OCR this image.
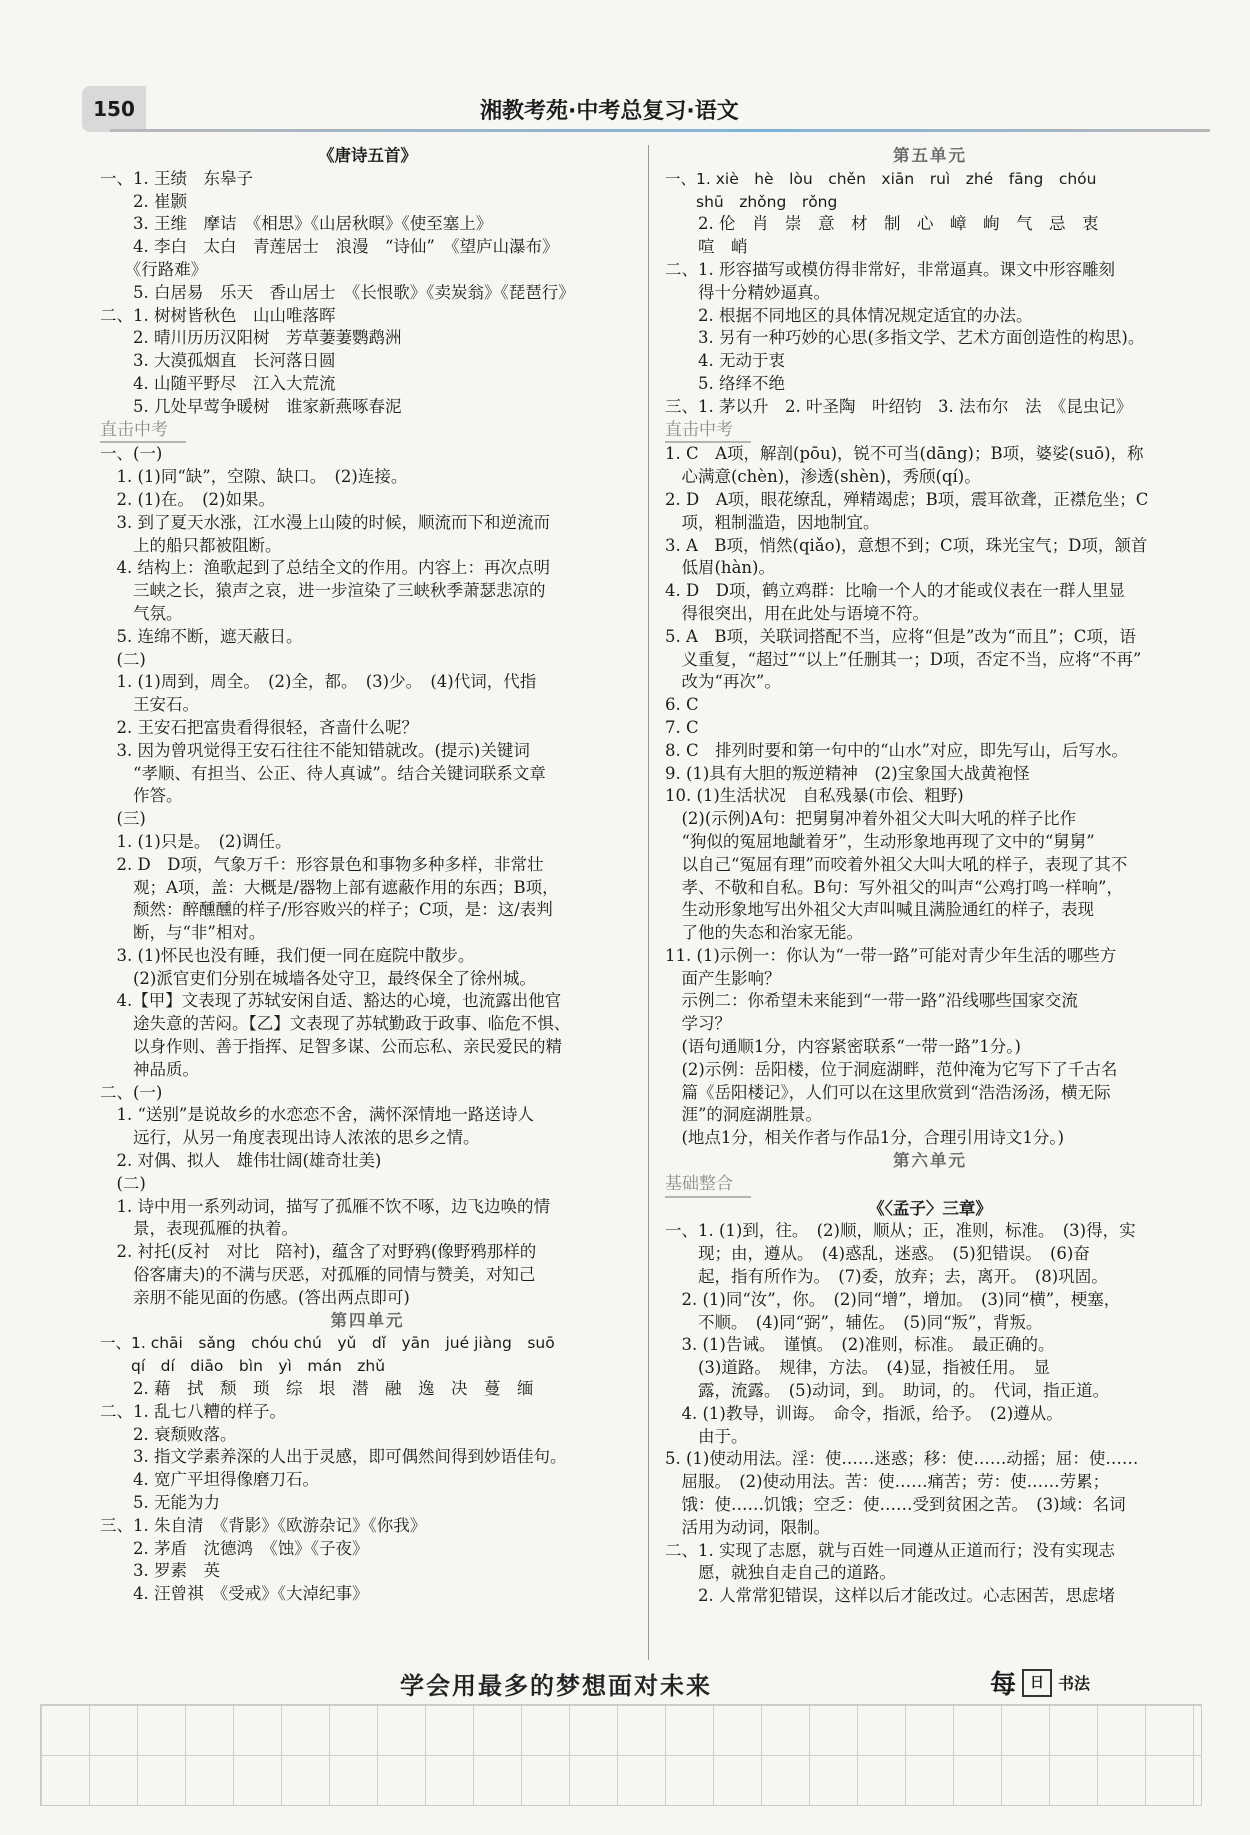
150	湘教考苑·中考总复习·语文
《唐诗五首》
一、1. 王绩　东皋子
　　2. 崔颢
　　3. 王维　摩诘　《相思》《山居秋暝》《使至塞上》
　　4. 李白　太白　青莲居士　浪漫　“诗仙”　《望庐山瀑布》
　　《行路难》
　　5. 白居易　乐天　香山居士　《长恨歌》《卖炭翁》《琵琶行》
二、1. 树树皆秋色　山山唯落晖
　　2. 晴川历历汉阳树　芳草萋萋鹦鹉洲
　　3. 大漠孤烟直　长河落日圆
　　4. 山随平野尽　江入大荒流
　　5. 几处早莺争暖树　谁家新燕啄春泥
直击中考
一、(一)
　1. (1)同“缺”，空隙、缺口。　(2)连接。
　2. (1)在。　(2)如果。
　3. 到了夏天水涨，江水漫上山陵的时候，顺流而下和逆流而
　　上的船只都被阻断。
　4. 结构上：渔歌起到了总结全文的作用。内容上：再次点明
　　三峡之长，猿声之哀，进一步渲染了三峡秋季萧瑟悲凉的
　　气氛。
　5. 连绵不断，遮天蔽日。
　(二)
　1. (1)周到，周全。　(2)全，都。　(3)少。　(4)代词，代指
　　王安石。
　2. 王安石把富贵看得很轻，吝啬什么呢？
　3. 因为曾巩觉得王安石往往不能知错就改。(提示)关键词
　　“孝顺、有担当、公正、待人真诚”。结合关键词联系文章
　　作答。
　(三)
　1. (1)只是。　(2)调任。
　2. D　D项，气象万千：形容景色和事物多种多样，非常壮
　　观；A项，盖：大概是/器物上部有遮蔽作用的东西；B项，
　　颓然：醉醺醺的样子/形容败兴的样子；C项，是：这/表判
　　断，与“非”相对。
　3. (1)怀民也没有睡，我们便一同在庭院中散步。
　　(2)派官吏们分别在城墙各处守卫，最终保全了徐州城。
　4.【甲】文表现了苏轼安闲自适、豁达的心境，也流露出他官
　　途失意的苦闷。【乙】文表现了苏轼勤政于政事、临危不惧、
　　以身作则、善于指挥、足智多谋、公而忘私、亲民爱民的精
　　神品质。
二、(一)
　1. “送别”是说故乡的水恋恋不舍，满怀深情地一路送诗人
　　远行，从另一角度表现出诗人浓浓的思乡之情。
　2. 对偶、拟人　雄伟壮阔(雄奇壮美)
　(二)
　1. 诗中用一系列动词，描写了孤雁不饮不啄，边飞边唤的情
　　景，表现孤雁的执着。
　2. 衬托(反衬　对比　陪衬)，蕴含了对野鸦(像野鸦那样的
　　俗客庸夫)的不满与厌恶，对孤雁的同情与赞美，对知己
　　亲朋不能见面的伤感。(答出两点即可)
第四单元
一、1. chāi　sǎng　chóu chú　yǔ　dǐ　yān　jué jiàng　suō
　　qí　dí　diāo　bìn　yì　mán　zhǔ
　　2. 藉　拭　颓　琐　综　垠　潜　融　逸　决　蔓　缅
二、1. 乱七八糟的样子。
　　2. 衰颓败落。
　　3. 指文学素养深的人出于灵感，即可偶然间得到妙语佳句。
　　4. 宽广平坦得像磨刀石。
　　5. 无能为力
三、1. 朱自清　《背影》《欧游杂记》《你我》
　　2. 茅盾　沈德鸿　《蚀》《子夜》
　　3. 罗素　英
　　4. 汪曾祺　《受戒》《大淖纪事》
第五单元
一、1. xiè　hè　lòu　chěn　xiān　ruì　zhé　fāng　chóu
　　shū　zhǒng　rǒng
　　2. 伦　肖　崇　意　材　制　心　嶂　峋　气　忌　衷
　　喧　峭
二、1. 形容描写或模仿得非常好，非常逼真。课文中形容雕刻
　　得十分精妙逼真。
　　2. 根据不同地区的具体情况规定适宜的办法。
　　3. 另有一种巧妙的心思(多指文学、艺术方面创造性的构思)。
　　4. 无动于衷
　　5. 络绎不绝
三、1. 茅以升　2. 叶圣陶　叶绍钧　3. 法布尔　法　《昆虫记》
直击中考
1. C　A项，解剖(pōu)，锐不可当(dāng)；B项，婆娑(suō)，称
　心满意(chèn)，渗透(shèn)，秀颀(qí)。
2. D　A项，眼花缭乱，殚精竭虑；B项，震耳欲聋，正襟危坐；C
　项，粗制滥造，因地制宜。
3. A　B项，悄然(qiǎo)，意想不到；C项，珠光宝气；D项，颔首
　低眉(hàn)。
4. D　D项，鹤立鸡群：比喻一个人的才能或仪表在一群人里显
　得很突出，用在此处与语境不符。
5. A　B项，关联词搭配不当，应将“但是”改为“而且”；C项，语
　义重复，“超过”“以上”任删其一；D项，否定不当，应将“不再”
　改为“再次”。
6. C
7. C
8. C　排列时要和第一句中的“山水”对应，即先写山，后写水。
9. (1)具有大胆的叛逆精神　(2)宝象国大战黄袍怪
10. (1)生活状况　自私残暴(市侩、粗野)
　(2)(示例)A句：把舅舅冲着外祖父大叫大吼的样子比作
　“狗似的冤屈地龇着牙”，生动形象地再现了文中的“舅舅”
　以自己“冤屈有理”而咬着外祖父大叫大吼的样子，表现了其不
　孝、不敬和自私。B句：写外祖父的叫声“公鸡打鸣一样响”，
　生动形象地写出外祖父大声叫喊且满脸通红的样子，表现
　了他的失态和治家无能。
11. (1)示例一：你认为“一带一路”可能对青少年生活的哪些方
　面产生影响？
　示例二：你希望未来能到“一带一路”沿线哪些国家交流
　学习？
　(语句通顺1分，内容紧密联系“一带一路”1分。)
　(2)示例：岳阳楼，位于洞庭湖畔，范仲淹为它写下了千古名
　篇《岳阳楼记》，人们可以在这里欣赏到“浩浩汤汤，横无际
　涯”的洞庭湖胜景。
　(地点1分，相关作者与作品1分，合理引用诗文1分。)
第六单元
基础整合
《〈孟子〉三章》
一、1. (1)到，往。　(2)顺，顺从；正，准则，标准。　(3)得，实
　　现；由，遵从。　(4)惑乱，迷惑。　(5)犯错误。　(6)奋
　　起，指有所作为。　(7)委，放弃；去，离开。　(8)巩固。
　2. (1)同“汝”，你。　(2)同“增”，增加。　(3)同“横”，梗塞，
　　不顺。　(4)同“弼”，辅佐。　(5)同“叛”，背叛。
　3. (1)告诫。　谨慎。　(2)准则，标准。　最正确的。
　　(3)道路。　规律，方法。　(4)显，指被任用。　显
　　露，流露。　(5)动词，到。　助词，的。　代词，指正道。
　4. (1)教导，训诲。　命令，指派，给予。　(2)遵从。
　　由于。
5. (1)使动用法。淫：使……迷惑；移：使……动摇；屈：使……
　屈服。　(2)使动用法。苦：使……痛苦；劳：使……劳累；
　饿：使……饥饿；空乏：使……受到贫困之苦。　(3)域：名词
　活用为动词，限制。
二、1. 实现了志愿，就与百姓一同遵从正道而行；没有实现志
　　愿，就独自走自己的道路。
　　2. 人常常犯错误，这样以后才能改过。心志困苦，思虑堵
学会用最多的梦想面对未来	每	日 书法
